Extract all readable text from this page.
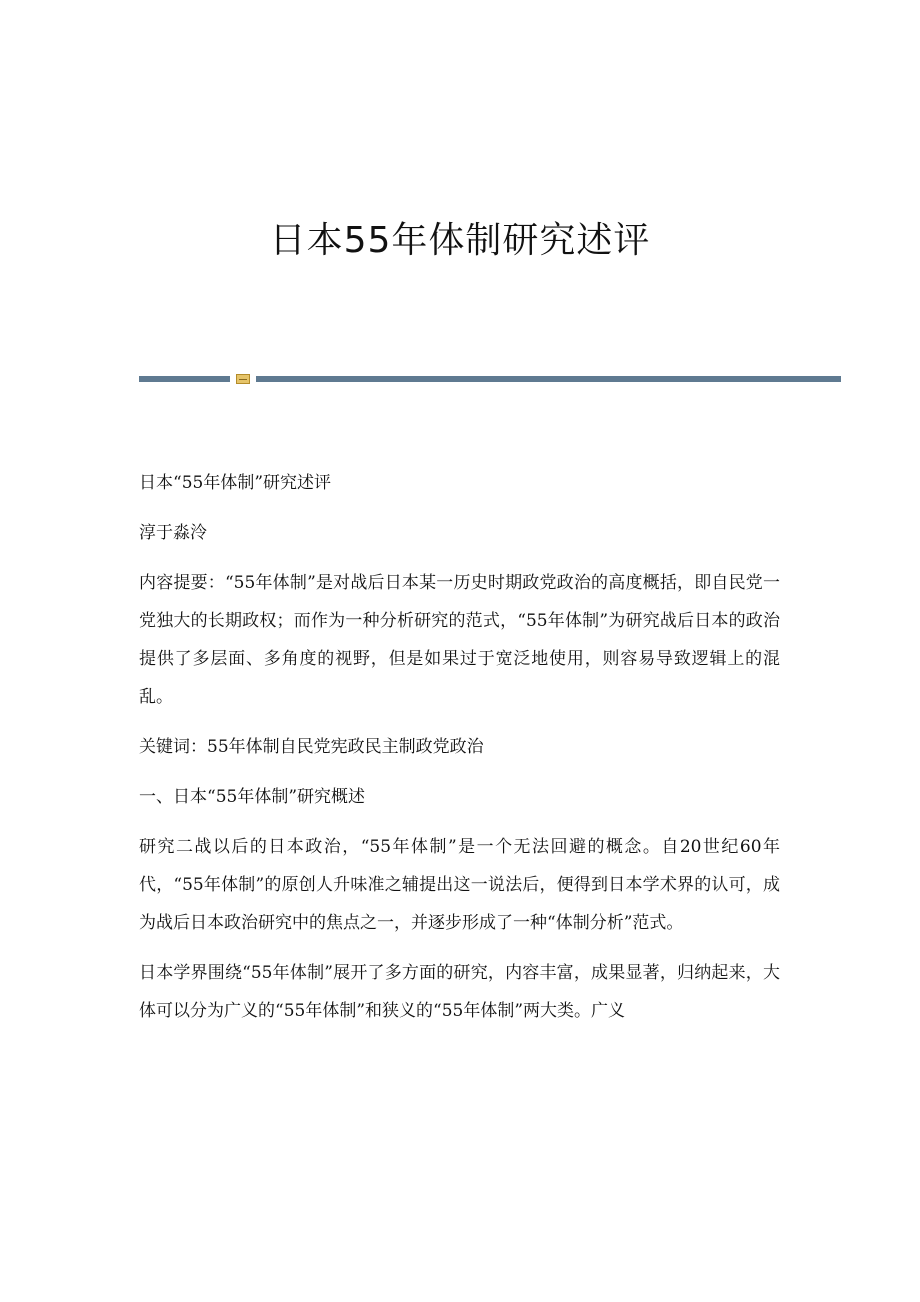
日本55年体制研究述评

日本“55年体制”研究述评

淳于淼泠

内容提要：“55年体制”是对战后日本某一历史时期政党政治的高度概括，即自民党一党独大的长期政权；而作为一种分析研究的范式，“55年体制”为研究战后日本的政治提供了多层面、多角度的视野，但是如果过于宽泛地使用，则容易导致逻辑上的混乱。

关键词：55年体制自民党宪政民主制政党政治

一、日本“55年体制”研究概述

研究二战以后的日本政治，“55年体制”是一个无法回避的概念。自20世纪60年代，“55年体制”的原创人升味准之辅提出这一说法后，便得到日本学术界的认可，成为战后日本政治研究中的焦点之一，并逐步形成了一种“体制分析”范式。

日本学界围绕“55年体制”展开了多方面的研究，内容丰富，成果显著，归纳起来，大体可以分为广义的“55年体制”和狭义的“55年体制”两大类。广义
